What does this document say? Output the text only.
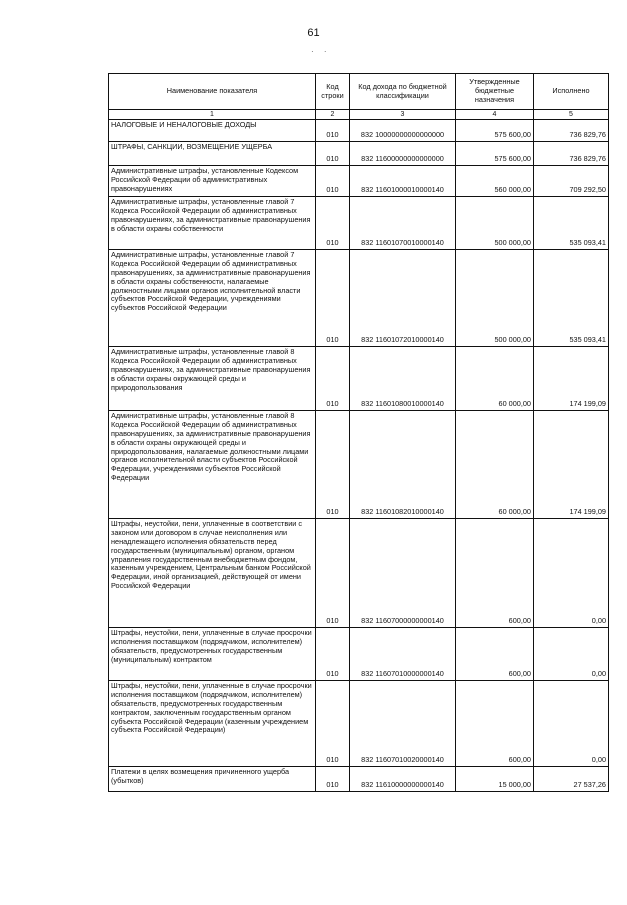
61
· ·
Наименование показателя	Код строки	Код дохода по бюджетной классификации	Утвержденные бюджетные назначения	Исполнено
1	2	3	4	5
НАЛОГОВЫЕ И НЕНАЛОГОВЫЕ ДОХОДЫ	010	832 10000000000000000	575 600,00	736 829,76
ШТРАФЫ, САНКЦИИ, ВОЗМЕЩЕНИЕ УЩЕРБА	010	832 11600000000000000	575 600,00	736 829,76
Административные штрафы, установленные Кодексом Российской Федерации об административных правонарушениях	010	832 11601000010000140	560 000,00	709 292,50
Административные штрафы, установленные главой 7 Кодекса Российской Федерации об административных правонарушениях, за административные правонарушения в области охраны собственности	010	832 11601070010000140	500 000,00	535 093,41
Административные штрафы, установленные главой 7 Кодекса Российской Федерации об административных правонарушениях, за административные правонарушения в области охраны собственности, налагаемые должностными лицами органов исполнительной власти субъектов Российской Федерации, учреждениями субъектов Российской Федерации	010	832 11601072010000140	500 000,00	535 093,41
Административные штрафы, установленные главой 8 Кодекса Российской Федерации об административных правонарушениях, за административные правонарушения в области охраны окружающей среды и природопользования	010	832 11601080010000140	60 000,00	174 199,09
Административные штрафы, установленные главой 8 Кодекса Российской Федерации об административных правонарушениях, за административные правонарушения в области охраны окружающей среды и природопользования, налагаемые должностными лицами органов исполнительной власти субъектов Российской Федерации, учреждениями субъектов Российской Федерации	010	832 11601082010000140	60 000,00	174 199,09
Штрафы, неустойки, пени, уплаченные в соответствии с законом или договором в случае неисполнения или ненадлежащего исполнения обязательств перед государственным (муниципальным) органом, органом управления государственным внебюджетным фондом, казенным учреждением, Центральным банком Российской Федерации, иной организацией, действующей от имени Российской Федерации	010	832 11607000000000140	600,00	0,00
Штрафы, неустойки, пени, уплаченные в случае просрочки исполнения поставщиком (подрядчиком, исполнителем) обязательств, предусмотренных государственным (муниципальным) контрактом	010	832 11607010000000140	600,00	0,00
Штрафы, неустойки, пени, уплаченные в случае просрочки исполнения поставщиком (подрядчиком, исполнителем) обязательств, предусмотренных государственным контрактом, заключенным государственным органом субъекта Российской Федерации (казенным учреждением субъекта Российской Федерации)	010	832 11607010020000140	600,00	0,00
Платежи в целях возмещения причиненного ущерба (убытков)	010	832 11610000000000140	15 000,00	27 537,26
